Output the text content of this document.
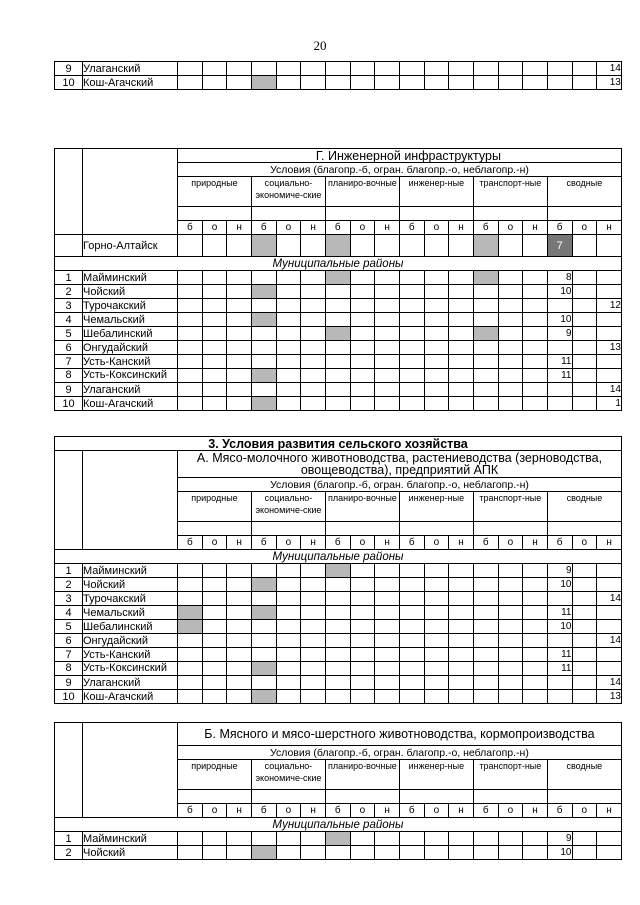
20
9	Улаганский																		14
10	Кош-Агачский																		13
		Г. Инженерной инфраструктуры																	
		Условия (благопр.-б, огран. благопр.-о, неблагопр.-н)																	
		природные			социально-экономиче-ские			планиро-вочные			инженер-ные			транспорт-ные			сводные		

		б	о	н	б	о	н	б	о	н	б	о	н	б	о	н	б	о	н
	Горно-Алтайск																7		
Муниципальные районы																			
1	Майминский																8		
2	Чойский																10		
3	Турочакский																		12
4	Чемальский																10		
5	Шебалинский																9		
6	Онгудайский																		13
7	Усть-Канский																11		
8	Усть-Коксинский																11		
9	Улаганский																		14
10	Кош-Агачский																		1
3. Условия развития сельского хозяйства																			
		А. Мясо-молочного животноводства, растениеводства (зерноводства, овощеводства), предприятий АПК																	
		Условия (благопр.-б, огран. благопр.-о, неблагопр.-н)																	
		природные			социально-экономиче-ские			планиро-вочные			инженер-ные			транспорт-ные			сводные		

		б	о	н	б	о	н	б	о	н	б	о	н	б	о	н	б	о	н
Муниципальные районы																			
1	Майминский																9		
2	Чойский																10		
3	Турочакский																		14
4	Чемальский																11		
5	Шебалинский																10		
6	Онгудайский																		14
7	Усть-Канский																11		
8	Усть-Коксинский																11		
9	Улаганский																		14
10	Кош-Агачский																		13
		Б. Мясного и мясо-шерстного животноводства, кормопроизводства																	
		Условия (благопр.-б, огран. благопр.-о, неблагопр.-н)																	
		природные			социально-экономиче-ские			планиро-вочные			инженер-ные			транспорт-ные			сводные		

		б	о	н	б	о	н	б	о	н	б	о	н	б	о	н	б	о	н
Муниципальные районы																			
1	Майминский																9		
2	Чойский																10		
